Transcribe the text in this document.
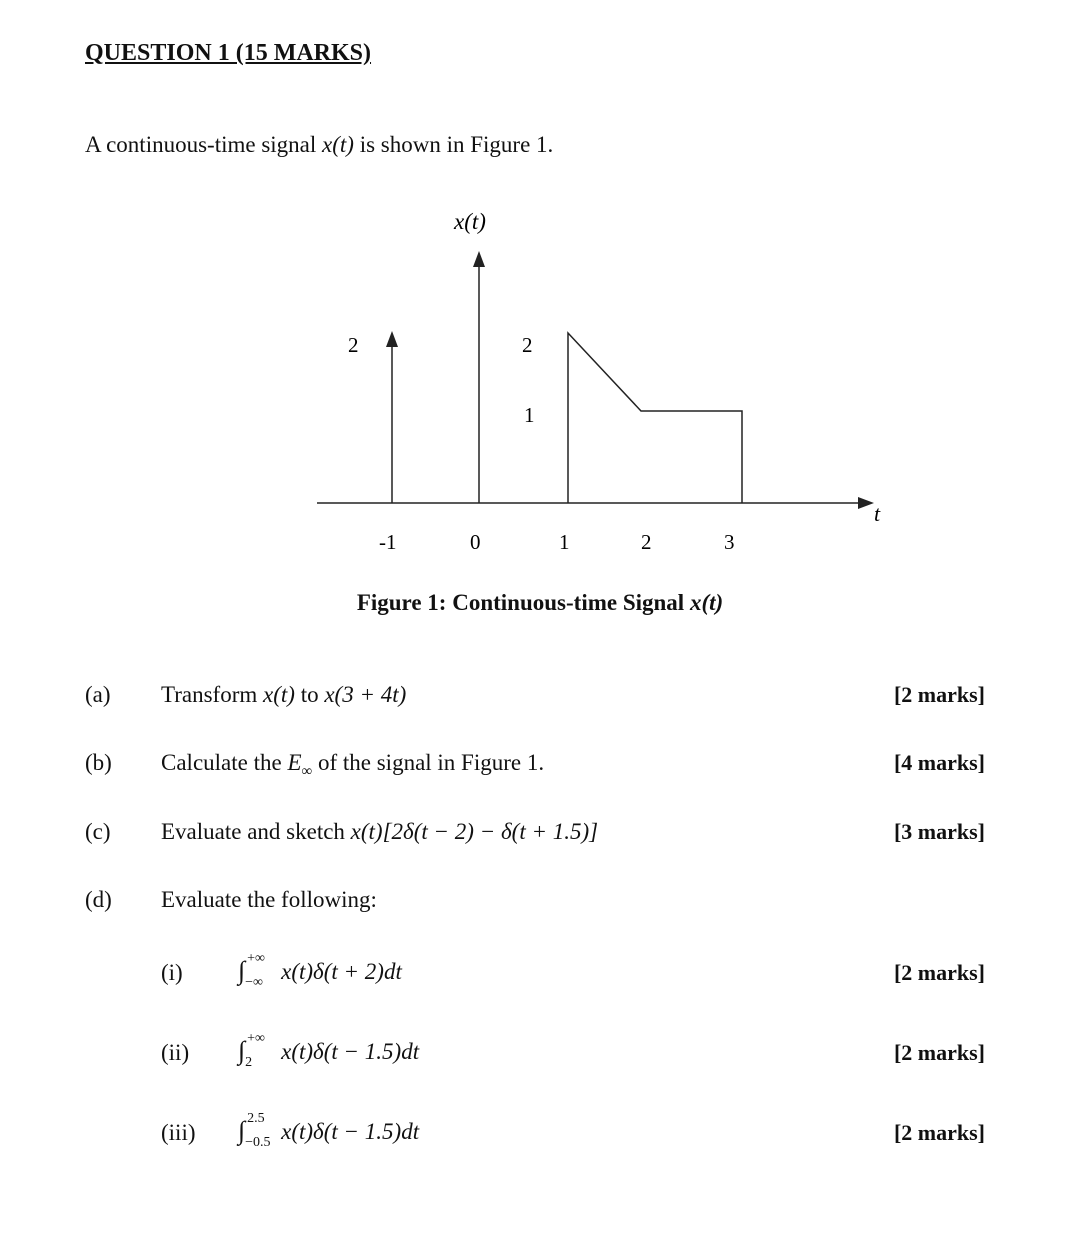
QUESTION 1 (15 MARKS)
A continuous-time signal x(t) is shown in Figure 1.
x(t)
t
2	2
1
-1	0	1	2	3
Figure 1: Continuous-time Signal x(t)
(a) Transform x(t) to x(3 + 4t)	[2 marks]
(b) Calculate the $E_\infty$ of the signal in Figure 1.	[4 marks]
(c) Evaluate and sketch x(t)[2δ(t − 2) − δ(t + 1.5)]	[3 marks]
(d) Evaluate the following:
(i) ∫ +∞
−∞ x(t)δ(t + 2)dt	[2 marks]
(ii) ∫ +∞
2 x(t)δ(t − 1.5)dt	[2 marks]
(iii) ∫ 2.5
−0.5 x(t)δ(t − 1.5)dt	[2 marks]
